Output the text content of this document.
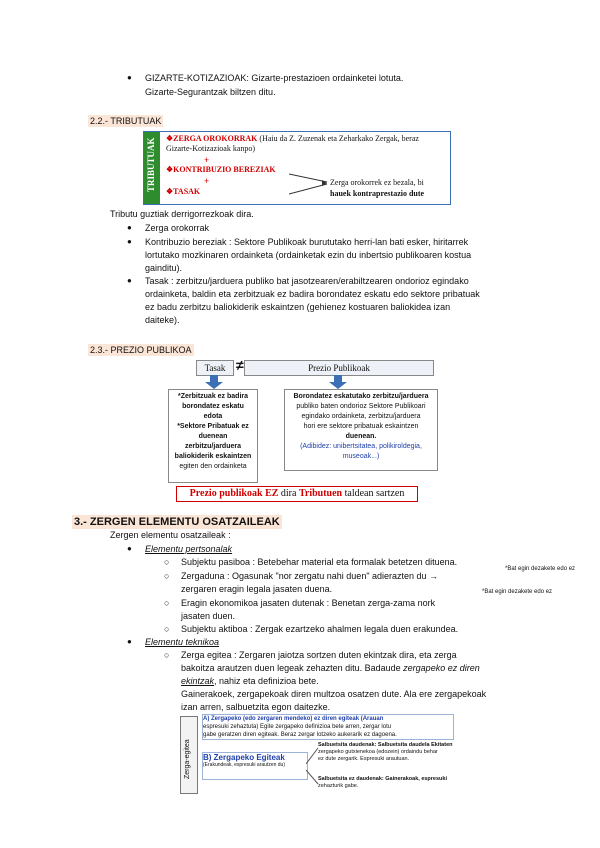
● GIZARTE-KOTIZAZIOAK: Gizarte-prestazioen ordainketei lotuta.
Gizarte-Segurantzak biltzen ditu.
2.2.- TRIBUTUAK
TRIBUTUAK ❖ZERGA OROKORRAK (Haiu da Z. Zuzenak eta Zeharkako Zergak, beraz
Gizarte-Kotizazioak kanpo)
+
❖KONTRIBUZIO BEREZIAK
+
❖TASAK
Zerga orokorrek ez bezala, bi
hauek kontraprestazio dute
Tributu guztiak derrigorrezkoak dira.
● Zerga orokorrak
● Kontribuzio bereziak : Sektore Publikoak burututako herri-lan bati esker, hiritarrek
lortutako mozkinaren ordainketa (ordainketak ezin du inbertsio publikoaren kostua
gainditu).
● Tasak : zerbitzu/jarduera publiko bat jasotzearen/erabiltzearen ondorioz egindako
ordainketa, baldin eta zerbitzuak ez badira borondatez eskatu edo sektore pribatuak
ez badu zerbitzu baliokiderik eskaintzen (gehienez kostuaren baliokidea izan
daiteke).
2.3.- PREZIO PUBLIKOA
Tasak ≠	Prezio Publikoak
*Zerbitzuak ez badira
borondatez eskatu
edota
*Sektore Pribatuak ez
duenean
zerbitzu/jarduera
baliokiderik eskaintzen
egiten den ordainketa
Borondatez eskatutako zerbitzu/jarduera
publiko baten ondorioz Sektore Publikoari
egindako ordainketa, zerbitzu/jarduera
hori ere sektore pribatuak eskaintzen
duenean.
(Adibidez: unibertsitatea, polikiroldegia,
museoak...)
Prezio publikoak EZ dira Tributuen taldean sartzen
3.- ZERGEN ELEMENTU OSATZAILEAK
Zergen elementu osatzaileak :
● Elementu pertsonalak
○ Subjektu pasiboa : Betebehar material eta formalak betetzen dituena.
○ Zergaduna : Ogasunak "nor zergatu nahi duen" adierazten du →
zergaren eragin legala jasaten duena.
○ Eragin ekonomikoa jasaten dutenak : Benetan zerga-zama nork
jasaten duen.
○ Subjektu aktiboa : Zergak ezartzeko ahalmen legala duen erakundea.
*Bat egin dezakete edo ez
*Bat egin dezakete edo ez
● Elementu teknikoa
○ Zerga egitea : Zergaren jaiotza sortzen duten ekintzak dira, eta zerga
bakoitza arautzen duen legeak zehazten ditu. Badaude zergapeko ez diren
ekintzak, nahiz eta definizioa bete.
Gainerakoek, zergapekoak diren multzoa osatzen dute. Ala ere zergapekoak
izan arren, salbuetzita egon daitezke.
Zerga-egitea
A) Zergapeko (edo zergaren mendeko) ez diren egiteak (Arauan
espresuki zehaztuta) Egite zergapeko definizioa bete arren, zergar lotu
gabe geratzen diren egiteak. Beraz zergar lotzeko aukerarik ez dagoena.
B) Zergapeko Egiteak
(Erakundeak, espresuki arautzen du)
Salbuetsita daudenak: Salbuetsita daudela Ekitaten
zergapeko gutxienekoa (edozein) ordaindu behar
ez dute zergarik. Espresuki arautuan.
Salbuetsita ez daudenak: Gainerakoak, espresuki
zehazturik gabe.
